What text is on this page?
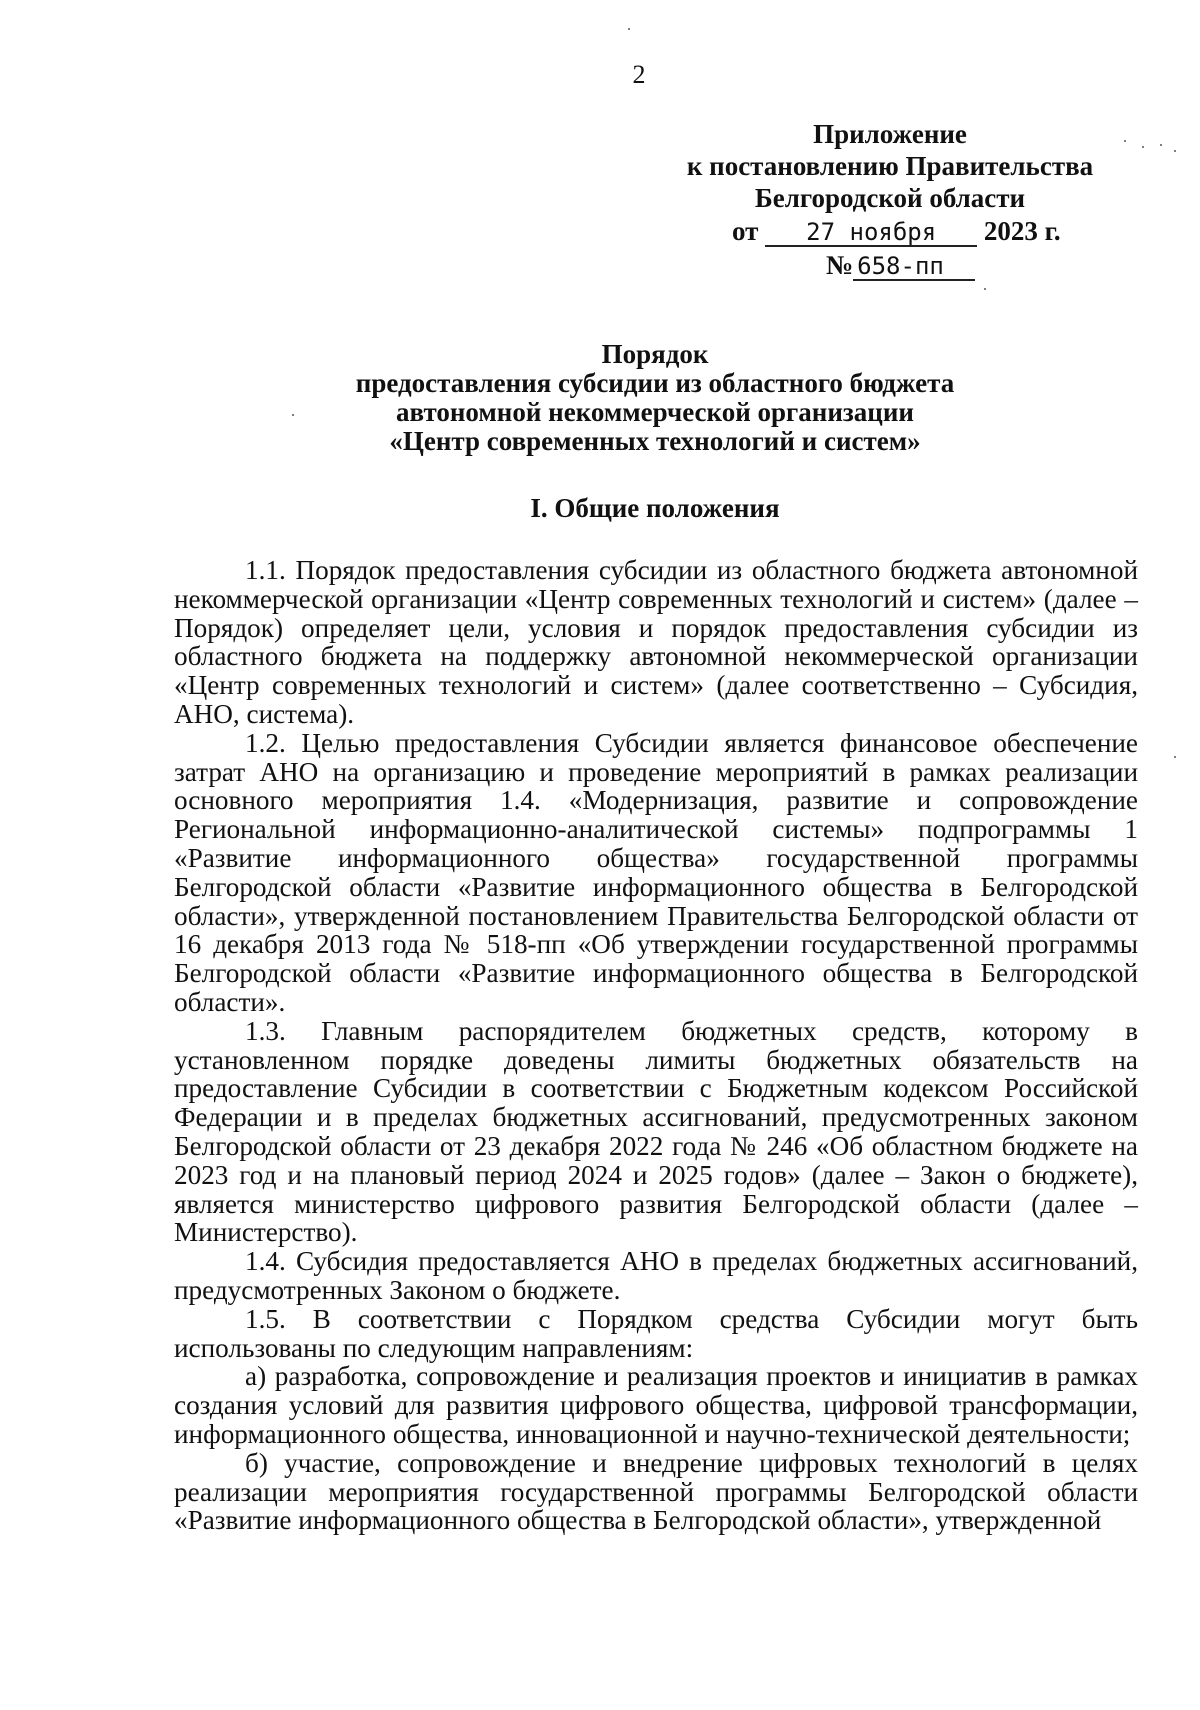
2
Приложение
к постановлению Правительства
Белгородской области
от 27 ноября 2023 г.
№ 658-пп
Порядок
предоставления субсидии из областного бюджета
автономной некоммерческой организации
«Центр современных технологий и систем»
I. Общие положения

1.1. Порядок предоставления субсидии из областного бюджета автономной некоммерческой организации «Центр современных технологий и систем» (далее – Порядок) определяет цели, условия и порядок предоставления субсидии из областного бюджета на поддержку автономной некоммерческой организации «Центр современных технологий и систем» (далее соответственно – Субсидия, АНО, система).

1.2. Целью предоставления Субсидии является финансовое обеспечение затрат АНО на организацию и проведение мероприятий в рамках реализации основного мероприятия 1.4. «Модернизация, развитие и сопровождение Региональной информационно-аналитической системы» подпрограммы 1 «Развитие информационного общества» государственной программы Белгородской области «Развитие информационного общества в Белгородской области», утвержденной постановлением Правительства Белгородской области от 16 декабря 2013 года № 518-пп «Об утверждении государственной программы Белгородской области «Развитие информационного общества в Белгородской области».

1.3. Главным распорядителем бюджетных средств, которому в установленном порядке доведены лимиты бюджетных обязательств на предоставление Субсидии в соответствии с Бюджетным кодексом Российской Федерации и в пределах бюджетных ассигнований, предусмотренных законом Белгородской области от 23 декабря 2022 года № 246 «Об областном бюджете на 2023 год и на плановый период 2024 и 2025 годов» (далее – Закон о бюджете), является министерство цифрового развития Белгородской области (далее – Министерство).

1.4. Субсидия предоставляется АНО в пределах бюджетных ассигнований, предусмотренных Законом о бюджете.

1.5. В соответствии с Порядком средства Субсидии могут быть использованы по следующим направлениям:

а) разработка, сопровождение и реализация проектов и инициатив в рамках создания условий для развития цифрового общества, цифровой трансформации, информационного общества, инновационной и научно-технической деятельности;

б) участие, сопровождение и внедрение цифровых технологий в целях реализации мероприятия государственной программы Белгородской области «Развитие информационного общества в Белгородской области», утвержденной
